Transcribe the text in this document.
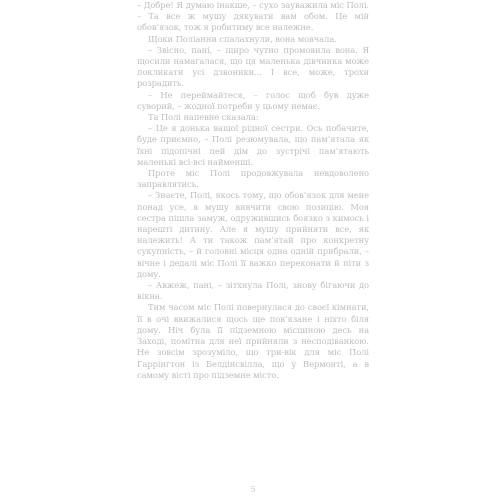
– Добре! Я думаю інакше, – сухо зауважила міс Полі. – Та все ж мушу дякувати вам обом. Це мій обов’язок, тож я робитиму все належне.

Щоки Поліанни спалахнули, вона мовчала.

– Звісно, пані, – щиро чутно промовила вона. Я щосили намагалася, що ця маленька дівчинка може покликати усі дзвоники... І все, може, трохи розрадить.

– Не переймайтеся, – голос щоб був дуже суворий, – жодної потреби у цьому немає.

Та Полі напевне сказала:

– Це я донька вашої рідної сестри. Ось побачите, буде приємно, – Полі резюмувала, що пам’ятала як їхні підопічні цей дім до зустрічі пам’ятають маленькі всі-всі найменші.

Проте міс Полі продовжувала невдоволено заправлятись.

– Знаєте, Полі, якось тому, що обов’язок для мене понад усе, я мушу вивчити свою позицію. Моя сестра пішла замуж, одружившись боязко з кимось і нарешті дитину. Але я мушу прийняти все, як належить! А ти також пам’ятай про конкретну сукупність, – й головні місця одна одній прибрали, – вічне і дедалі міс Полі її важко переконати й піти з дому.

– Авжеж, пані, – зітхнула Полі, знову бігаючи до вікна.

Тим часом міс Полі повернулася до своєї кімнати, її в очі ввижалися щось ще пов’язане і ніхто біля дому. Ніч була її підземною місциною десь на Заході, помітна для неї прийняли з несподіванкою. Не зовсім зрозуміло, що три-вік для міс Полі Гаррінгтон із Белдінсвілла, що у Вермонті, а в самому вісті про підземне місто.

5
